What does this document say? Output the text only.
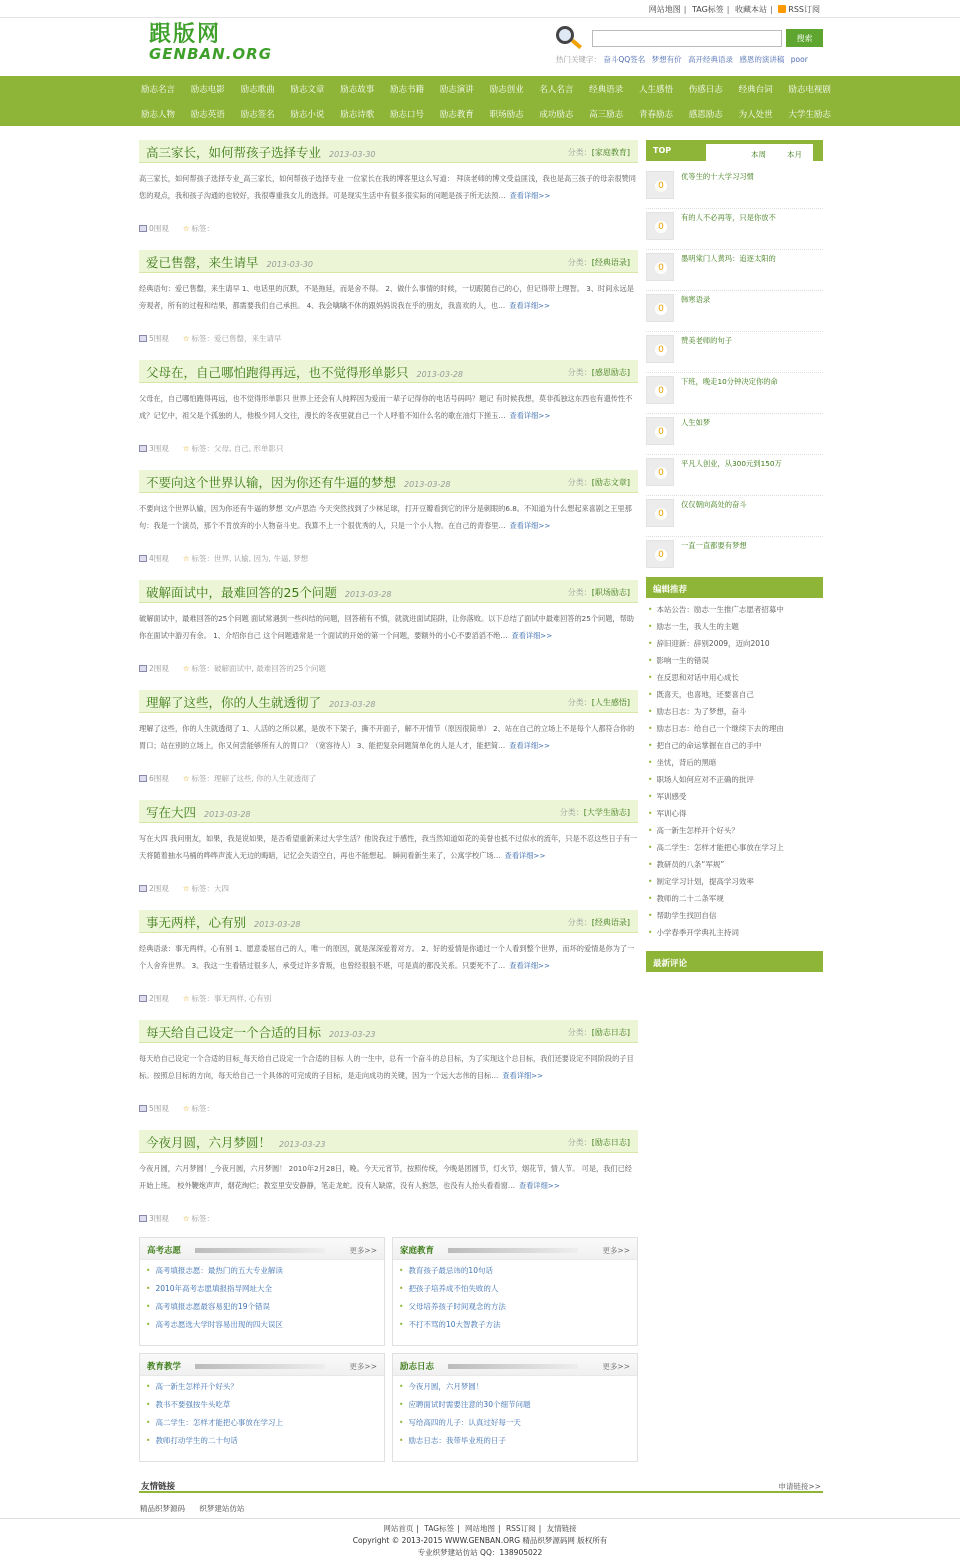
网站地图 | TAG标签 | 收藏本站 | RSS订阅
跟版网
GENBAN.ORG
搜索
热门关键字： 奋斗QQ签名 梦想有价 高开经典语录 感恩的演讲稿 poor
励志名言 励志电影 励志歌曲 励志文章 励志故事 励志书籍 励志演讲 励志创业 名人名言 经典语录 人生感悟 伤感日志 经典台词 励志电视剧
励志人物 励志英语 励志签名 励志小说 励志诗歌 励志口号 励志教育 职场励志 成功励志 高三励志 青春励志 感恩励志 为人处世 大学生励志
高三家长，如何帮孩子选择专业 2013-03-30	分类：[家庭教育]
高三家长，如何帮孩子选择专业_高三家长，如何帮孩子选择专业 一位家长在我的博客里这么写道： 拜读老师的博文受益匪浅，我也是高三孩子的母亲很赞同您的观点，我和孩子沟通的也较好，我很尊重我女儿的选择。可是现实生活中有很多很实际的问题是孩子所无法预… 查看详细>>
0围观 ☆ 标签：
爱已售罄，来生请早 2013-03-30	分类：[经典语录]
经典语句：爱已售罄，来生请早 1、电话里的沉默，不是拖延，而是舍不得。 2、做什么事情的时候，一切跟随自己的心，但记得带上理智。 3、时间永远是旁观者，所有的过程和结果，都需要我们自己承担。 4、我会噙噙不休的跟妈妈说我在乎的朋友，我喜欢的人，也… 查看详细>>
5围观 ☆ 标签：爱已售罄，来生请早
父母在，自己哪怕跑得再远，也不觉得形单影只 2013-03-28	分类：[感恩励志]
父母在，自己哪怕跑得再远，也不觉得形单影只 世界上还会有人纯粹因为爱而一辈子记得你的电话号码吗？题记 有时候我想，莫非孤独这东西也有遗传性不成？记忆中，祖父是个孤独的人，他极少同人交往，漫长的冬夜里就自己一个人呼着不知什么名的歌在油灯下搓玉… 查看详细>>
3围观 ☆ 标签：父母, 自己, 形单影只
不要向这个世界认输，因为你还有牛逼的梦想 2013-03-28	分类：[励志文章]
不要向这个世界认输，因为你还有牛逼的梦想 文/卢思浩 今天突然找到了少林足球，打开豆瓣看到它的评分是刺眼的6.8。不知道为什么想起来喜剧之王里那句：我是一个演员，那个不肯放弃的小人物奋斗史。我算不上一个很优秀的人，只是一个小人物。在自己的青春里… 查看详细>>
4围观 ☆ 标签：世界, 认输, 因为, 牛逼, 梦想
破解面试中，最难回答的25个问题 2013-03-28	分类：[职场励志]
破解面试中，最难回答的25个问题 面试常遇到一些纠结的问题，回答稍有不慎，就就进面试陷阱，让你落败。以下总结了面试中最难回答的25个问题，帮助你在面试中游刃有余。 1、介绍你自己 这个问题通常是一个面试的开始的第一个问题，要额外的小心不要滔滔不绝… 查看详细>>
2围观 ☆ 标签：破解面试中, 最难回答的25个问题
理解了这些，你的人生就透彻了 2013-03-28	分类：[人生感悟]
理解了这些，你的人生就透彻了 1、人活的之所以累，是放不下架子，撕不开面子，解不开情节（原因很简单） 2、站在自己的立场上不是每个人都符合你的胃口；站在别的立场上，你又何尝能够所有人的胃口？（宽容待人） 3、能把复杂问题简单化的人是人才，能把简… 查看详细>>
6围观 ☆ 标签：理解了这些, 你的人生就透彻了
写在大四 2013-03-28	分类：[大学生励志]
写在大四 我问朋友，如果，我是说如果，是否希望重新来过大学生活？他说我过于感性，我当然知道如花的美誉也抵不过似水的流年，只是不忍这些日子有一天将随着抽水马桶的哗哗声流入无边的晦暗，记忆会失语空白，再也不能想起。 瞬间看新生来了，公寓学校广场… 查看详细>>
2围观 ☆ 标签：大四
事无两样，心有别 2013-03-28	分类：[经典语录]
经典语录：事无两样，心有别 1、愿意委屈自己的人，唯一的原因，就是深深爱着对方。 2、好的爱情是你通过一个人看到整个世界，而坏的爱情是你为了一个人舍弃世界。 3、我这一生看错过很多人，承受过许多背叛，也曾经很狼不堪，可是真的都没关系。只要死不了… 查看详细>>
2围观 ☆ 标签：事无两样, 心有别
每天给自己设定一个合适的目标 2013-03-23	分类：[励志日志]
每天给自己设定一个合适的目标_每天给自己设定一个合适的目标 人的一生中，总有一个奋斗的总目标，为了实现这个总目标，我们还要设定不同阶段的子目标。按照总目标的方向，每天给自己一个具体的可完成的子目标，是走向成功的关键，因为一个远大志伟的目标… 查看详细>>
5围观 ☆ 标签：
今夜月圆，六月梦圆！ 2013-03-23	分类：[励志日志]
今夜月圆，六月梦圆！_今夜月圆，六月梦圆！ 2010年2月28日，晚。今天元宵节，按照传统，今晚是团圆节，灯火节，烟花节，情人节。 可是，我们已经开始上班。 校外鞭炮声声，烟花绚烂；教室里安安静静，笔走龙蛇。没有人缺席，没有人抱怨，也没有人抬头看看窗… 查看详细>>
3围观 ☆ 标签：
TOP	本周	本月
0
优等生的十大学习习惯
0
有的人不必再等，只是你放不
0
墨明棠门人黄玛：追逐太阳的
0
韩寒语录
0
赞美老师的句子
0
下班，晚走10分钟决定你的命
0
人生如梦
0
平凡人创业，从300元到150万
0
仅仅朝向高处的奋斗
0
一直一直都要有梦想
编辑推荐
• 本站公告：励志一生推广志愿者招募中
• 励志一生，我人生的主题
• 辞旧迎新：辞别2009，迈向2010
• 影响一生的错误
• 在反思和对话中用心成长
• 既喜天，也喜地，还要喜自己
• 励志日志：为了梦想，奋斗
• 励志日志：给自己一个继续下去的理由
• 把自己的命运掌握在自己的手中
• 坐忧，背后的黑暗
• 职场人如何应对不正确的批评
• 军训感受
• 军训心得
• 高一新生怎样开个好头？
• 高二学生：怎样才能把心事放在学习上
• 教研员的八条“军规”
• 制定学习计划，提高学习效率
• 教师的二十二条军规
• 帮助学生找回自信
• 小学春季开学典礼主持词
最新评论
高考志愿	更多>>
• 高考填报志愿：最热门的五大专业解读
• 2010年高考志愿填报指导网址大全
• 高考填报志愿最容易犯的19个错误
• 高考志愿选大学时容易出现的四大误区
家庭教育	更多>>
• 教育孩子最忌讳的10句话
• 把孩子培养成不怕失败的人
• 父母培养孩子时间观念的方法
• 不打不骂的10大智教子方法
教育教学	更多>>
• 高一新生怎样开个好头？
• 教书不要强按牛头吃草
• 高二学生：怎样才能把心事放在学习上
• 教师打动学生的二十句话
励志日志	更多>>
• 今夜月圆，六月梦圆！
• 应聘面试时需要注意的30个细节问题
• 写给高四的儿子：认真过好每一天
• 励志日志：我带毕业班的日子
友情链接	申请链接>>
精品织梦源码 织梦建站仿站
网站首页 | TAG标签 | 网站地图 | RSS订阅 | 友情链接
Copyright © 2013-2015 WWW.GENBAN.ORG 精品织梦源码网 版权所有
专业织梦建站仿站 QQ：138905022
